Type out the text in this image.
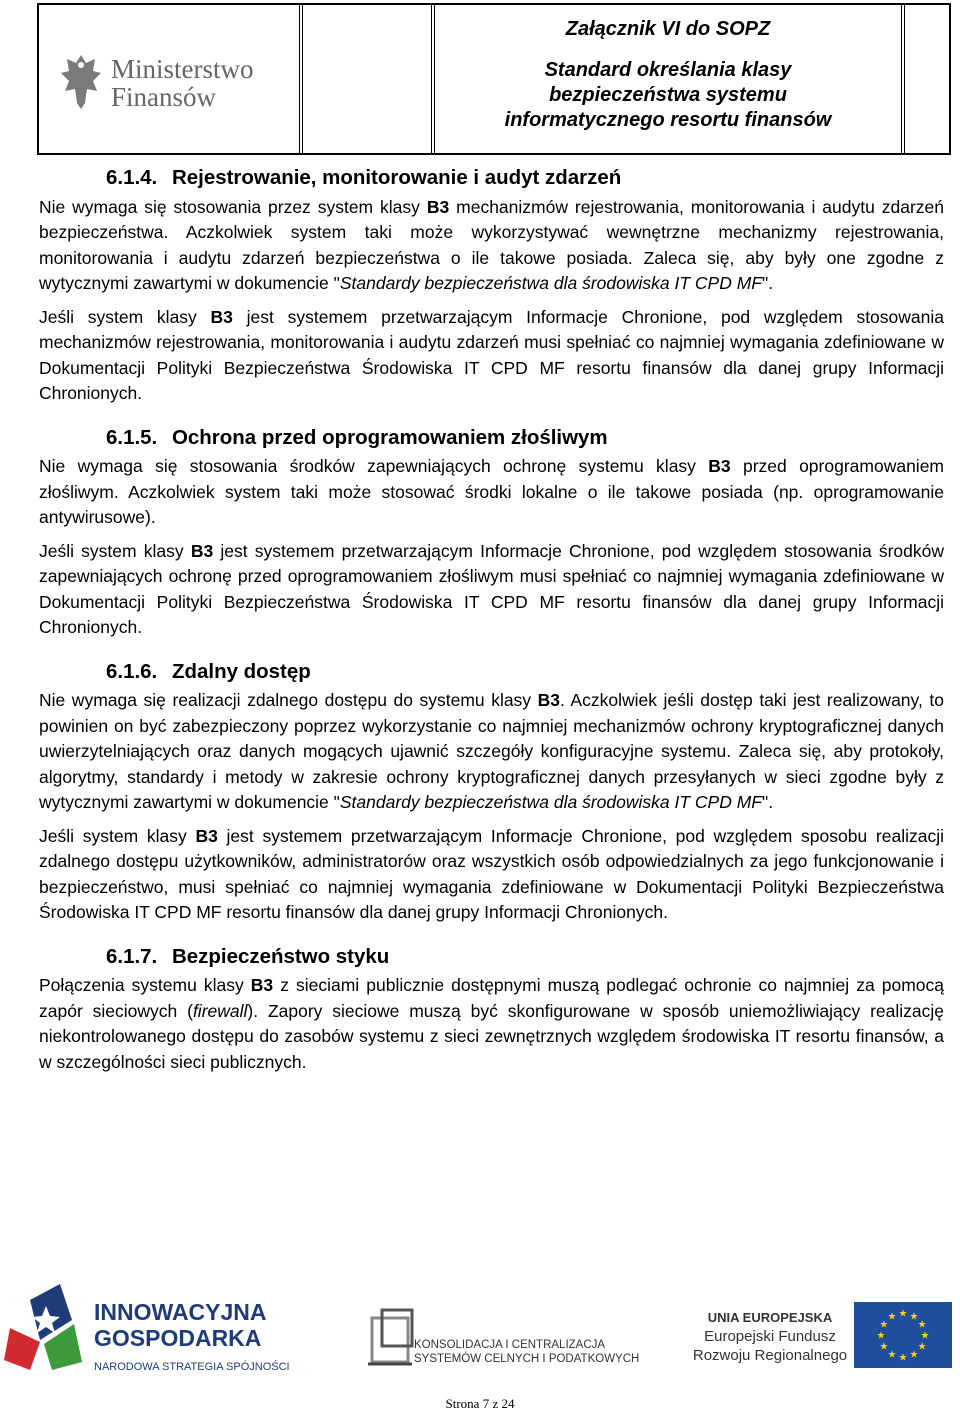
Ministerstwo
Finansów
Załącznik VI do SOPZ
Standard określania klasy
bezpieczeństwa systemu
informatycznego resortu finansów
6.1.4. Rejestrowanie, monitorowanie i audyt zdarzeń

Nie wymaga się stosowania przez system klasy B3 mechanizmów rejestrowania, monitorowania i audytu zdarzeń bezpieczeństwa. Aczkolwiek system taki może wykorzystywać wewnętrzne mechanizmy rejestrowania, monitorowania i audytu zdarzeń bezpieczeństwa o ile takowe posiada. Zaleca się, aby były one zgodne z wytycznymi zawartymi w dokumencie "Standardy bezpieczeństwa dla środowiska IT CPD MF".

Jeśli system klasy B3 jest systemem przetwarzającym Informacje Chronione, pod względem stosowania mechanizmów rejestrowania, monitorowania i audytu zdarzeń musi spełniać co najmniej wymagania zdefiniowane w Dokumentacji Polityki Bezpieczeństwa Środowiska IT CPD MF resortu finansów dla danej grupy Informacji Chronionych.

6.1.5. Ochrona przed oprogramowaniem złośliwym

Nie wymaga się stosowania środków zapewniających ochronę systemu klasy B3 przed oprogramowaniem złośliwym. Aczkolwiek system taki może stosować środki lokalne o ile takowe posiada (np. oprogramowanie antywirusowe).

Jeśli system klasy B3 jest systemem przetwarzającym Informacje Chronione, pod względem stosowania środków zapewniających ochronę przed oprogramowaniem złośliwym musi spełniać co najmniej wymagania zdefiniowane w Dokumentacji Polityki Bezpieczeństwa Środowiska IT CPD MF resortu finansów dla danej grupy Informacji Chronionych.

6.1.6. Zdalny dostęp

Nie wymaga się realizacji zdalnego dostępu do systemu klasy B3. Aczkolwiek jeśli dostęp taki jest realizowany, to powinien on być zabezpieczony poprzez wykorzystanie co najmniej mechanizmów ochrony kryptograficznej danych uwierzytelniających oraz danych mogących ujawnić szczegóły konfiguracyjne systemu. Zaleca się, aby protokoły, algorytmy, standardy i metody w zakresie ochrony kryptograficznej danych przesyłanych w sieci zgodne były z wytycznymi zawartymi w dokumencie "Standardy bezpieczeństwa dla środowiska IT CPD MF".

Jeśli system klasy B3 jest systemem przetwarzającym Informacje Chronione, pod względem sposobu realizacji zdalnego dostępu użytkowników, administratorów oraz wszystkich osób odpowiedzialnych za jego funkcjonowanie i bezpieczeństwo, musi spełniać co najmniej wymagania zdefiniowane w Dokumentacji Polityki Bezpieczeństwa Środowiska IT CPD MF resortu finansów dla danej grupy Informacji Chronionych.

6.1.7. Bezpieczeństwo styku

Połączenia systemu klasy B3 z sieciami publicznie dostępnymi muszą podlegać ochronie co najmniej za pomocą zapór sieciowych (firewall). Zapory sieciowe muszą być skonfigurowane w sposób uniemożliwiający realizację niekontrolowanego dostępu do zasobów systemu z sieci zewnętrznych względem środowiska IT resortu finansów, a w szczególności sieci publicznych.

INNOWACYJNA
GOSPODARKA
NARODOWA STRATEGIA SPÓJNOŚCI
KONSOLIDACJA I CENTRALIZACJA
SYSTEMÓW CELNYCH I PODATKOWYCH
UNIA EUROPEJSKA
Europejski Fundusz
Rozwoju Regionalnego
★ ★
★
★
★
★
★
★
★
★
★
★
Strona 7 z 24
